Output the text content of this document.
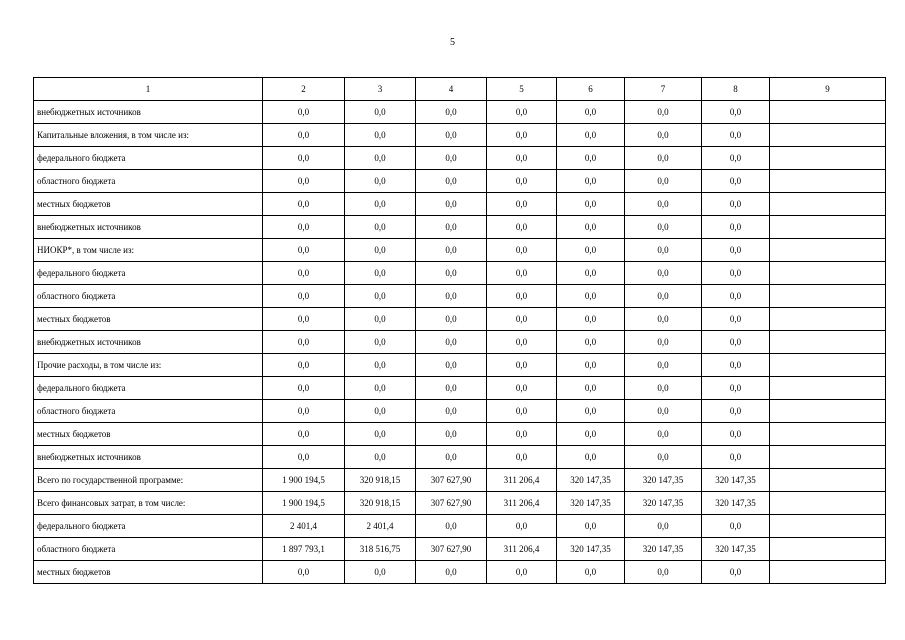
5
1	2	3	4	5	6	7	8	9
внебюджетных источников	0,0	0,0	0,0	0,0	0,0	0,0	0,0	
Капитальные вложения, в том числе из:	0,0	0,0	0,0	0,0	0,0	0,0	0,0	
федерального бюджета	0,0	0,0	0,0	0,0	0,0	0,0	0,0	
областного бюджета	0,0	0,0	0,0	0,0	0,0	0,0	0,0	
местных бюджетов	0,0	0,0	0,0	0,0	0,0	0,0	0,0	
внебюджетных источников	0,0	0,0	0,0	0,0	0,0	0,0	0,0	
НИОКР*, в том числе из:	0,0	0,0	0,0	0,0	0,0	0,0	0,0	
федерального бюджета	0,0	0,0	0,0	0,0	0,0	0,0	0,0	
областного бюджета	0,0	0,0	0,0	0,0	0,0	0,0	0,0	
местных бюджетов	0,0	0,0	0,0	0,0	0,0	0,0	0,0	
внебюджетных источников	0,0	0,0	0,0	0,0	0,0	0,0	0,0	
Прочие расходы, в том числе из:	0,0	0,0	0,0	0,0	0,0	0,0	0,0	
федерального бюджета	0,0	0,0	0,0	0,0	0,0	0,0	0,0	
областного бюджета	0,0	0,0	0,0	0,0	0,0	0,0	0,0	
местных бюджетов	0,0	0,0	0,0	0,0	0,0	0,0	0,0	
внебюджетных источников	0,0	0,0	0,0	0,0	0,0	0,0	0,0	
Всего по государственной программе:	1 900 194,5	320 918,15	307 627,90	311 206,4	320 147,35	320 147,35	320 147,35	
Всего финансовых затрат, в том числе:	1 900 194,5	320 918,15	307 627,90	311 206,4	320 147,35	320 147,35	320 147,35	
федерального бюджета	2 401,4	2 401,4	0,0	0,0	0,0	0,0	0,0	
областного бюджета	1 897 793,1	318 516,75	307 627,90	311 206,4	320 147,35	320 147,35	320 147,35	
местных бюджетов	0,0	0,0	0,0	0,0	0,0	0,0	0,0	
